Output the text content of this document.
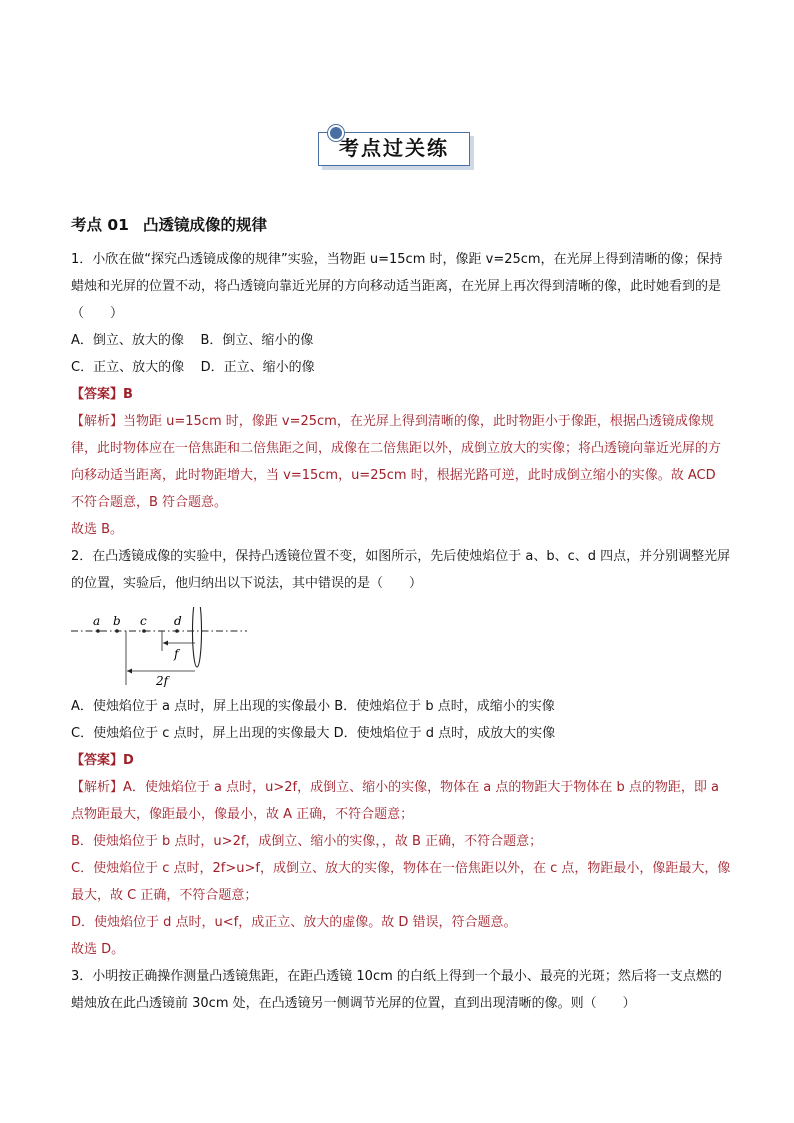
考点过关练
考点 01 凸透镜成像的规律

1．小欣在做“探究凸透镜成像的规律”实验，当物距 u=15cm 时，像距 v=25cm，在光屏上得到清晰的像；保持蜡烛和光屏的位置不动，将凸透镜向靠近光屏的方向移动适当距离，在光屏上再次得到清晰的像，此时她看到的是（　　）

A．倒立、放大的像 B．倒立、缩小的像

C．正立、放大的像 D．正立、缩小的像

【答案】B

【解析】当物距 u=15cm 时，像距 v=25cm，在光屏上得到清晰的像，此时物距小于像距，根据凸透镜成像规律，此时物体应在一倍焦距和二倍焦距之间，成像在二倍焦距以外，成倒立放大的实像；将凸透镜向靠近光屏的方向移动适当距离，此时物距增大，当 v=15cm，u=25cm 时，根据光路可逆，此时成倒立缩小的实像。故 ACD 不符合题意，B 符合题意。

故选 B。

2．在凸透镜成像的实验中，保持凸透镜位置不变，如图所示，先后使烛焰位于 a、b、c、d 四点，并分别调整光屏的位置，实验后，他归纳出以下说法，其中错误的是（　　）

a b c d
f
2f

A．使烛焰位于 a 点时，屏上出现的实像最小 B．使烛焰位于 b 点时，成缩小的实像

C．使烛焰位于 c 点时，屏上出现的实像最大 D．使烛焰位于 d 点时，成放大的实像

【答案】D

【解析】A．使烛焰位于 a 点时，u>2f，成倒立、缩小的实像，物体在 a 点的物距大于物体在 b 点的物距，即 a 点物距最大，像距最小，像最小，故 A 正确，不符合题意；

B．使烛焰位于 b 点时，u>2f，成倒立、缩小的实像，，故 B 正确，不符合题意；

C．使烛焰位于 c 点时，2f>u>f，成倒立、放大的实像，物体在一倍焦距以外，在 c 点，物距最小，像距最大，像最大，故 C 正确，不符合题意；

D．使烛焰位于 d 点时，u<f，成正立、放大的虚像。故 D 错误，符合题意。

故选 D。

3．小明按正确操作测量凸透镜焦距，在距凸透镜 10cm 的白纸上得到一个最小、最亮的光斑；然后将一支点燃的蜡烛放在此凸透镜前 30cm 处，在凸透镜另一侧调节光屏的位置，直到出现清晰的像。则（　　）
